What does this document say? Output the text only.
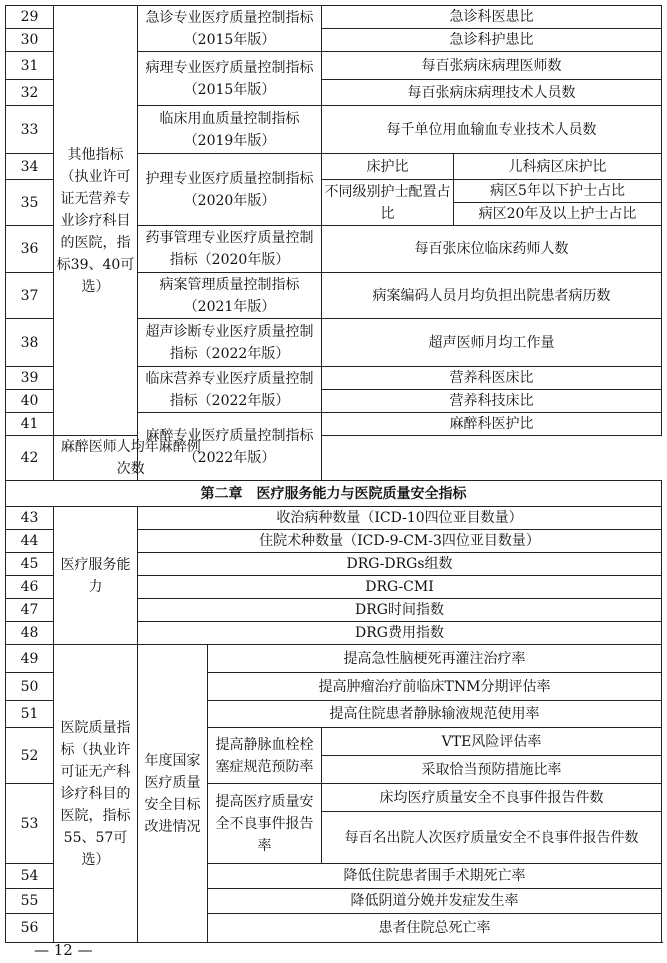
29	其他指标（执业许可证无营养专业诊疗科目的医院，指标39、40可选）	急诊专业医疗质量控制指标（2015年版）		急诊科医患比	
30				急诊科护患比	
31		病理专业医疗质量控制指标（2015年版）		每百张病床病理医师数	
32				每百张病床病理技术人员数	
33		临床用血质量控制指标（2019年版）		每千单位用血输血专业技术人员数	
34		护理专业医疗质量控制指标（2020年版）		床护比	儿科病区床护比
35				不同级别护士配置占比	病区5年以下护士占比
					病区20年及以上护士占比
36		药事管理专业医疗质量控制指标（2020年版）		每百张床位临床药师人数	
37		病案管理质量控制指标（2021年版）		病案编码人员月均负担出院患者病历数	
38		超声诊断专业医疗质量控制指标（2022年版）		超声医师月均工作量	
39		临床营养专业医疗质量控制指标（2022年版）		营养科医床比	
40				营养科技床比	
41		麻醉专业医疗质量控制指标（2022年版）		麻醉科医护比	
42	麻醉医师人均年麻醉例次数				
第二章　医疗服务能力与医院质量安全指标					
43	医疗服务能力	收治病种数量（ICD-10四位亚目数量）			
44		住院术种数量（ICD-9-CM-3四位亚目数量）			
45		DRG-DRGs组数			
46		DRG-CMI			
47		DRG时间指数			
48		DRG费用指数			
49	医院质量指标（执业许可证无产科诊疗科目的医院，指标55、57可选）	年度国家医疗质量安全目标改进情况	提高急性脑梗死再灌注治疗率		
50			提高肿瘤治疗前临床TNM分期评估率		
51			提高住院患者静脉输液规范使用率		
52			提高静脉血栓栓塞症规范预防率	VTE风险评估率	
				采取恰当预防措施比率	
53			提高医疗质量安全不良事件报告率	床均医疗质量安全不良事件报告件数	
				每百名出院人次医疗质量安全不良事件报告件数	
54			降低住院患者围手术期死亡率		
55			降低阴道分娩并发症发生率		
56			患者住院总死亡率		
— 12 —
